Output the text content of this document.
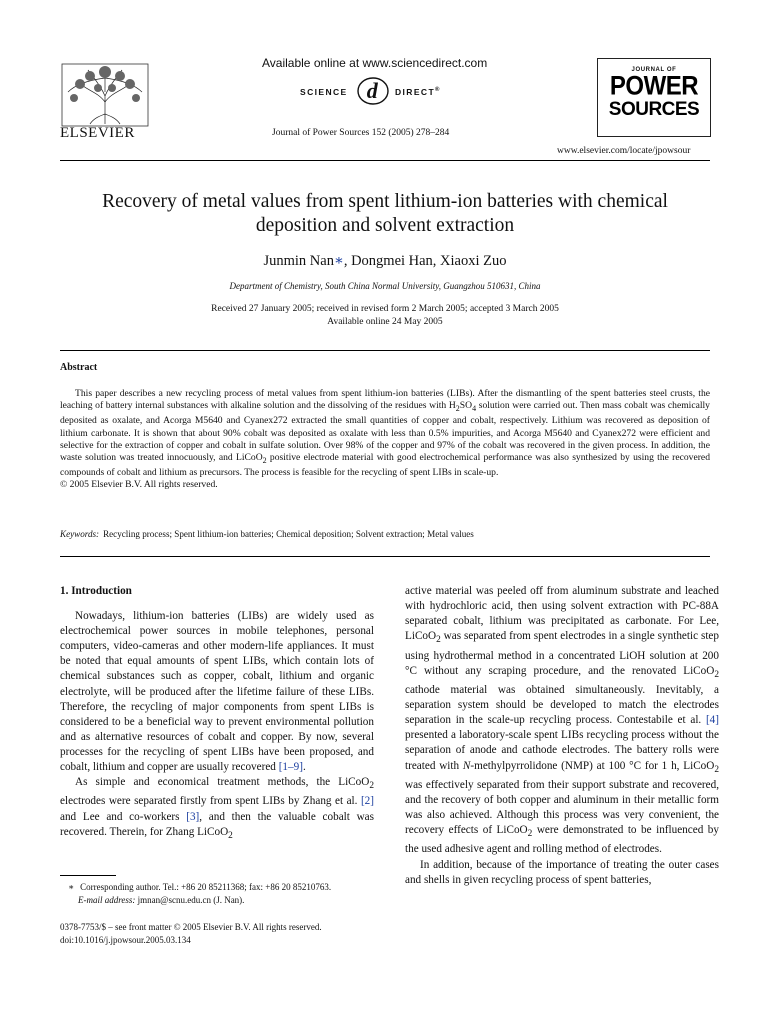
ELSEVIER
Available online at www.sciencedirect.com
SCIENCE d DIRECT®
Journal of Power Sources 152 (2005) 278–284
JOURNAL OF
POWER
SOURCES
www.elsevier.com/locate/jpowsour
Recovery of metal values from spent lithium-ion batteries with chemical
deposition and solvent extraction
Junmin Nan∗, Dongmei Han, Xiaoxi Zuo
Department of Chemistry, South China Normal University, Guangzhou 510631, China
Received 27 January 2005; received in revised form 2 March 2005; accepted 3 March 2005
Available online 24 May 2005
Abstract

This paper describes a new recycling process of metal values from spent lithium-ion batteries (LIBs). After the dismantling of the spent batteries steel crusts, the leaching of battery internal substances with alkaline solution and the dissolving of the residues with $H_2SO_4$ solution were carried out. Then mass cobalt was chemically deposited as oxalate, and Acorga M5640 and Cyanex272 extracted the small quantities of copper and cobalt, respectively. Lithium was recovered as deposition of lithium carbonate. It is shown that about 90% cobalt was deposited as oxalate with less than 0.5% impurities, and Acorga M5640 and Cyanex272 were efficient and selective for the extraction of copper and cobalt in sulfate solution. Over 98% of the copper and 97% of the cobalt was recovered in the given process. In addition, the waste solution was treated innocuously, and LiCoO$_2$ positive electrode material with good electrochemical performance was also synthesized by using the recovered compounds of cobalt and lithium as precursors. The process is feasible for the recycling of spent LIBs in scale-up.

© 2005 Elsevier B.V. All rights reserved.

Keywords: Recycling process; Spent lithium-ion batteries; Chemical deposition; Solvent extraction; Metal values

1. Introduction

Nowadays, lithium-ion batteries (LIBs) are widely used as electrochemical power sources in mobile telephones, personal computers, video-cameras and other modern-life appliances. It must be noted that equal amounts of spent LIBs, which contain lots of chemical substances such as copper, cobalt, lithium and organic electrolyte, will be produced after the lifetime failure of these LIBs. Therefore, the recycling of major components from spent LIBs is considered to be a beneficial way to prevent environmental pollution and as alternative resources of cobalt and copper. By now, several processes for the recycling of spent LIBs have been proposed, and cobalt, lithium and copper are usually recovered [1–9].

As simple and economical treatment methods, the LiCoO$_2$ electrodes were separated firstly from spent LIBs by Zhang et al. [2] and Lee and co-workers [3], and then the valuable cobalt was recovered. Therein, for Zhang LiCoO$_2$

∗ Corresponding author. Tel.: +86 20 85211368; fax: +86 20 85210763.
E-mail address: jmnan@scnu.edu.cn (J. Nan).
0378-7753/$ – see front matter © 2005 Elsevier B.V. All rights reserved.
doi:10.1016/j.jpowsour.2005.03.134

active material was peeled off from aluminum substrate and leached with hydrochloric acid, then using solvent extraction with PC-88A separated cobalt, lithium was precipitated as carbonate. For Lee, LiCoO$_2$ was separated from spent electrodes in a single synthetic step using hydrothermal method in a concentrated LiOH solution at 200 °C without any scraping procedure, and the renovated LiCoO$_2$ cathode material was obtained simultaneously. Inevitably, a separation system should be developed to match the electrodes separation in the scale-up recycling process. Contestabile et al. [4] presented a laboratory-scale spent LIBs recycling process without the separation of anode and cathode electrodes. The battery rolls were treated with N-methylpyrrolidone (NMP) at 100 °C for 1 h, LiCoO$_2$ was effectively separated from their support substrate and recovered, and the recovery of both copper and aluminum in their metallic form was also achieved. Although this process was very convenient, the recovery effects of LiCoO$_2$ were demonstrated to be influenced by the used adhesive agent and rolling method of electrodes.

In addition, because of the importance of treating the outer cases and shells in given recycling process of spent batteries,
